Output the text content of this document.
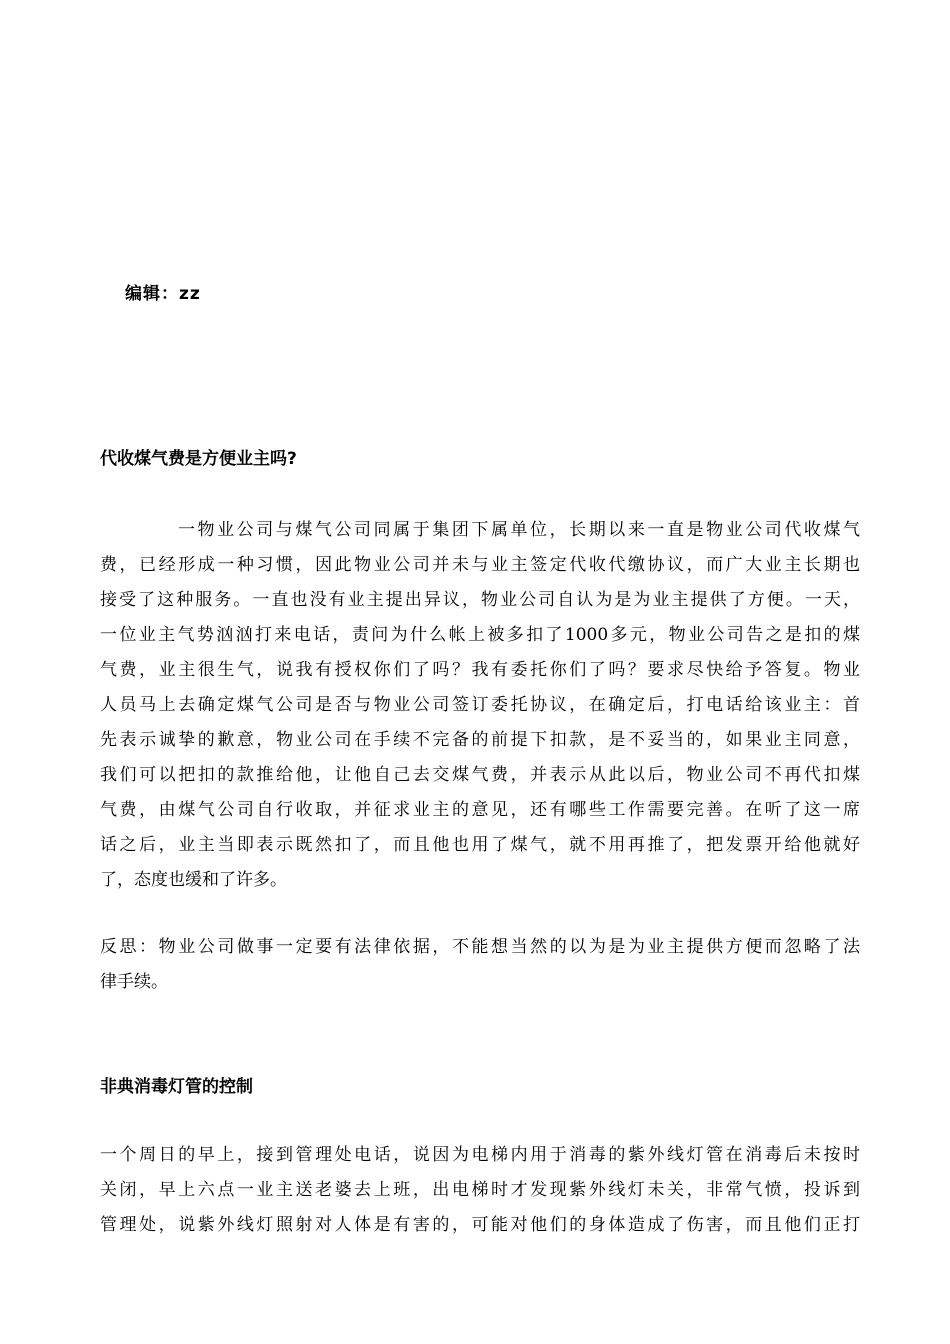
编辑：zz

代收煤气费是方便业主吗?
一物业公司与煤气公司同属于集团下属单位，长期以来一直是物业公司代收煤气
费，已经形成一种习惯，因此物业公司并未与业主签定代收代缴协议，而广大业主长期也
接受了这种服务。一直也没有业主提出异议，物业公司自认为是为业主提供了方便。一天，
一位业主气势汹汹打来电话，责问为什么帐上被多扣了1000多元，物业公司告之是扣的煤
气费，业主很生气，说我有授权你们了吗？我有委托你们了吗？要求尽快给予答复。物业
人员马上去确定煤气公司是否与物业公司签订委托协议，在确定后，打电话给该业主：首
先表示诚挚的歉意，物业公司在手续不完备的前提下扣款，是不妥当的，如果业主同意，
我们可以把扣的款推给他，让他自己去交煤气费，并表示从此以后，物业公司不再代扣煤
气费，由煤气公司自行收取，并征求业主的意见，还有哪些工作需要完善。在听了这一席
话之后，业主当即表示既然扣了，而且他也用了煤气，就不用再推了，把发票开给他就好
了，态度也缓和了许多。
反思：物业公司做事一定要有法律依据，不能想当然的以为是为业主提供方便而忽略了法
律手续。
非典消毒灯管的控制
一个周日的早上，接到管理处电话，说因为电梯内用于消毒的紫外线灯管在消毒后未按时
关闭，早上六点一业主送老婆去上班，出电梯时才发现紫外线灯未关，非常气愤，投诉到
管理处，说紫外线灯照射对人体是有害的，可能对他们的身体造成了伤害，而且他们正打
